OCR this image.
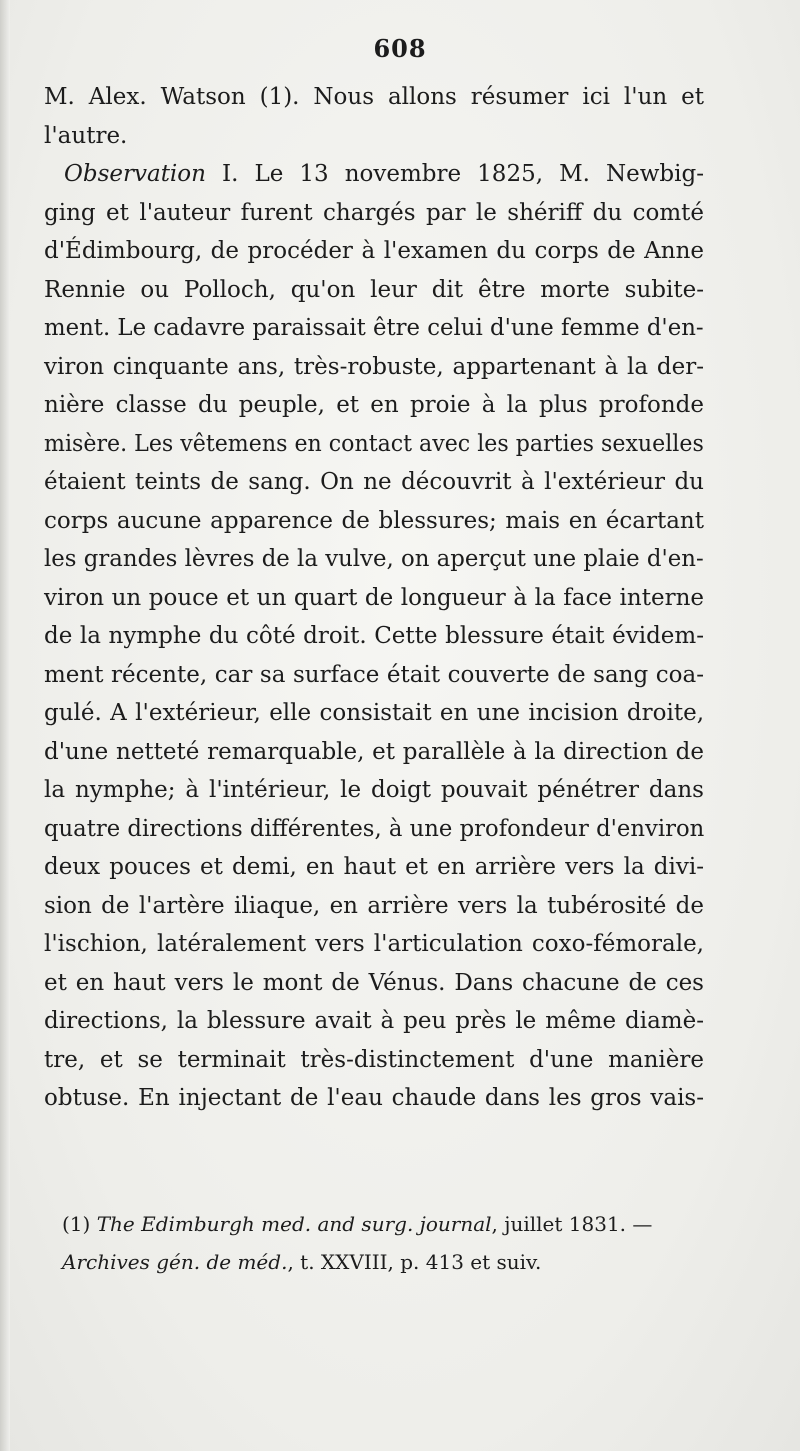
608
M. Alex. Watson (1). Nous allons résumer ici l'un et
l'autre.
Observation I. Le 13 novembre 1825, M. Newbig-
ging et l'auteur furent chargés par le shériff du comté
d'Édimbourg, de procéder à l'examen du corps de Anne
Rennie ou Polloch, qu'on leur dit être morte subite-
ment. Le cadavre paraissait être celui d'une femme d'en-
viron cinquante ans, très-robuste, appartenant à la der-
nière classe du peuple, et en proie à la plus profonde
misère. Les vêtemens en contact avec les parties sexuelles
étaient teints de sang. On ne découvrit à l'extérieur du
corps aucune apparence de blessures; mais en écartant
les grandes lèvres de la vulve, on aperçut une plaie d'en-
viron un pouce et un quart de longueur à la face interne
de la nymphe du côté droit. Cette blessure était évidem-
ment récente, car sa surface était couverte de sang coa-
gulé. A l'extérieur, elle consistait en une incision droite,
d'une netteté remarquable, et parallèle à la direction de
la nymphe; à l'intérieur, le doigt pouvait pénétrer dans
quatre directions différentes, à une profondeur d'environ
deux pouces et demi, en haut et en arrière vers la divi-
sion de l'artère iliaque, en arrière vers la tubérosité de
l'ischion, latéralement vers l'articulation coxo-fémorale,
et en haut vers le mont de Vénus. Dans chacune de ces
directions, la blessure avait à peu près le même diamè-
tre, et se terminait très-distinctement d'une manière
obtuse. En injectant de l'eau chaude dans les gros vais-
(1) The Edimburgh med. and surg. journal, juillet 1831. —
Archives gén. de méd., t. XXVIII, p. 413 et suiv.
